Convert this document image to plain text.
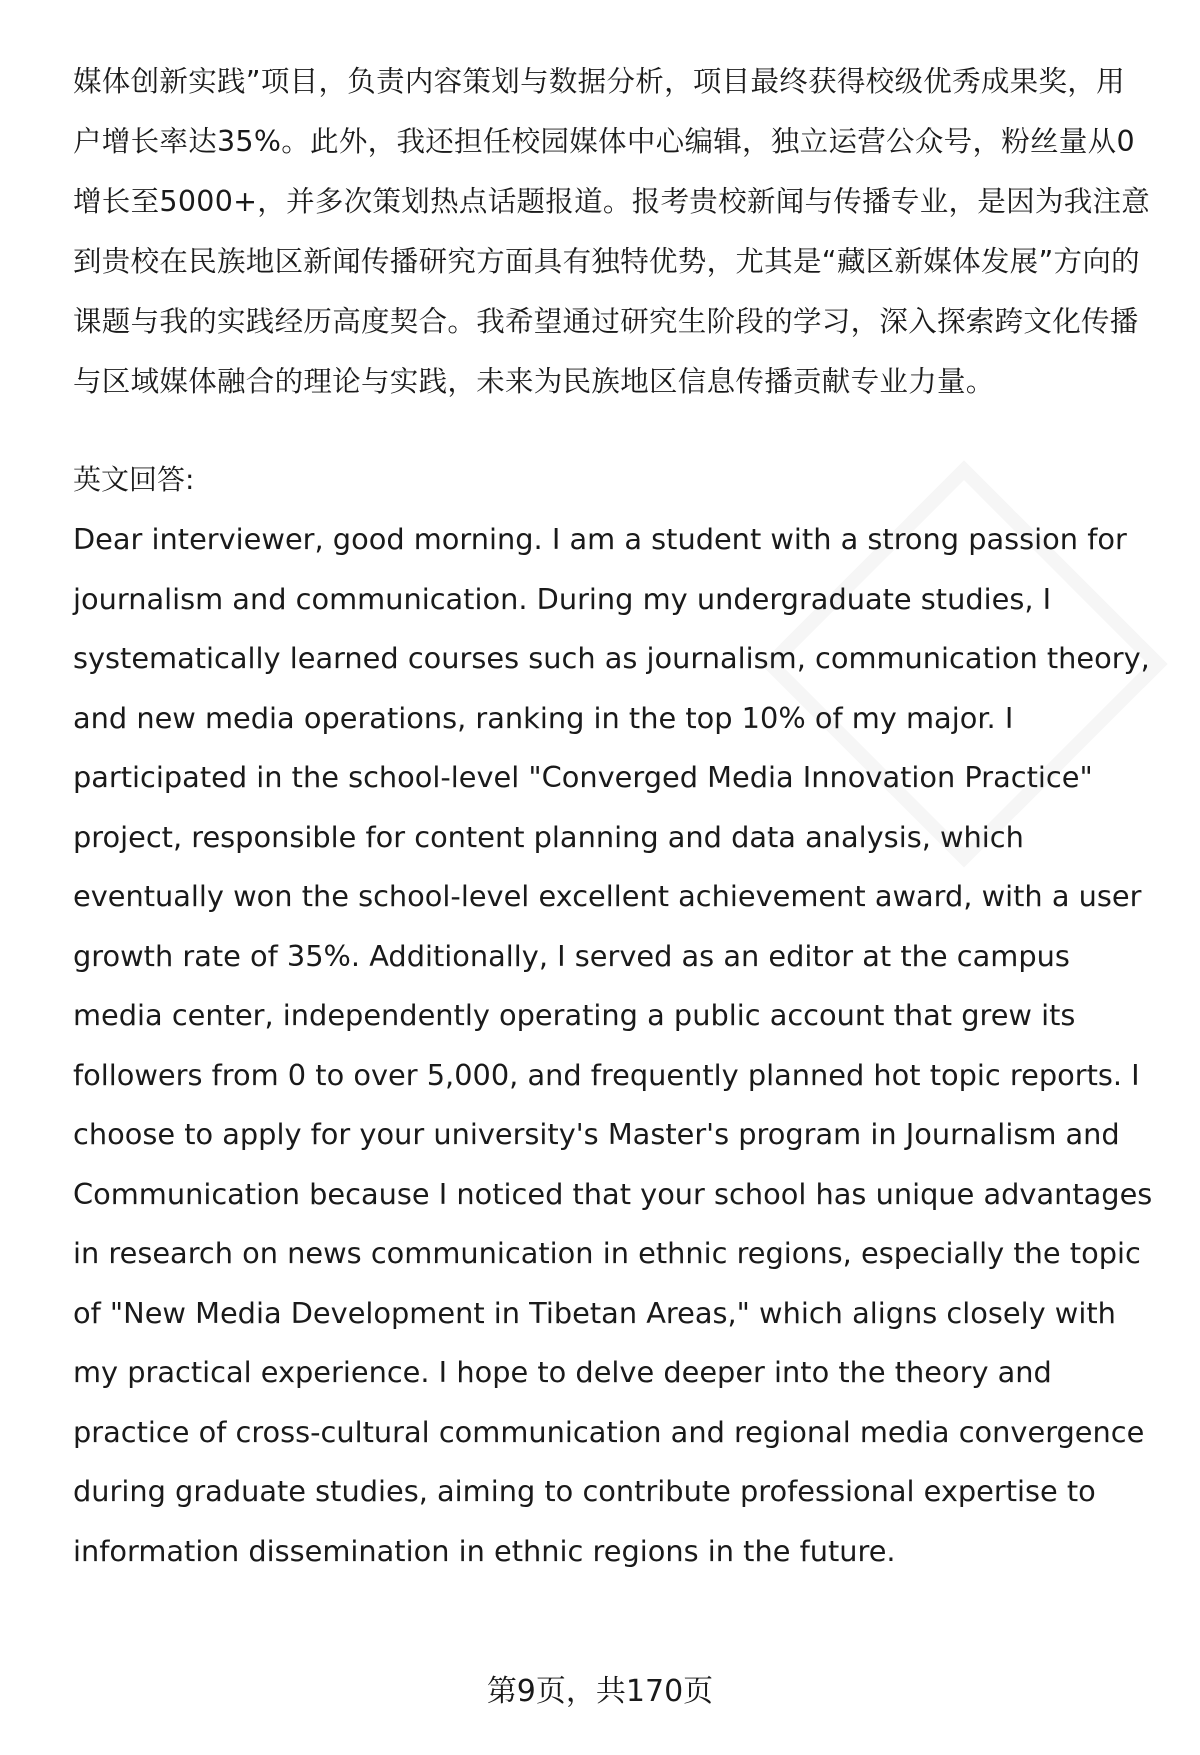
媒体创新实践”项目，负责内容策划与数据分析，项目最终获得校级优秀成果奖，用户增长率达35%。此外，我还担任校园媒体中心编辑，独立运营公众号，粉丝量从0增长至5000+，并多次策划热点话题报道。报考贵校新闻与传播专业，是因为我注意到贵校在民族地区新闻传播研究方面具有独特优势，尤其是“藏区新媒体发展”方向的课题与我的实践经历高度契合。我希望通过研究生阶段的学习，深入探索跨文化传播与区域媒体融合的理论与实践，未来为民族地区信息传播贡献专业力量。

英文回答:

Dear interviewer, good morning. I am a student with a strong passion for journalism and communication. During my undergraduate studies, I systematically learned courses such as journalism, communication theory, and new media operations, ranking in the top 10% of my major. I participated in the school-level "Converged Media Innovation Practice" project, responsible for content planning and data analysis, which eventually won the school-level excellent achievement award, with a user growth rate of 35%. Additionally, I served as an editor at the campus media center, independently operating a public account that grew its followers from 0 to over 5,000, and frequently planned hot topic reports. I choose to apply for your university's Master's program in Journalism and Communication because I noticed that your school has unique advantages in research on news communication in ethnic regions, especially the topic of "New Media Development in Tibetan Areas," which aligns closely with my practical experience. I hope to delve deeper into the theory and practice of cross-cultural communication and regional media convergence during graduate studies, aiming to contribute professional expertise to information dissemination in ethnic regions in the future.

第9页，共170页
